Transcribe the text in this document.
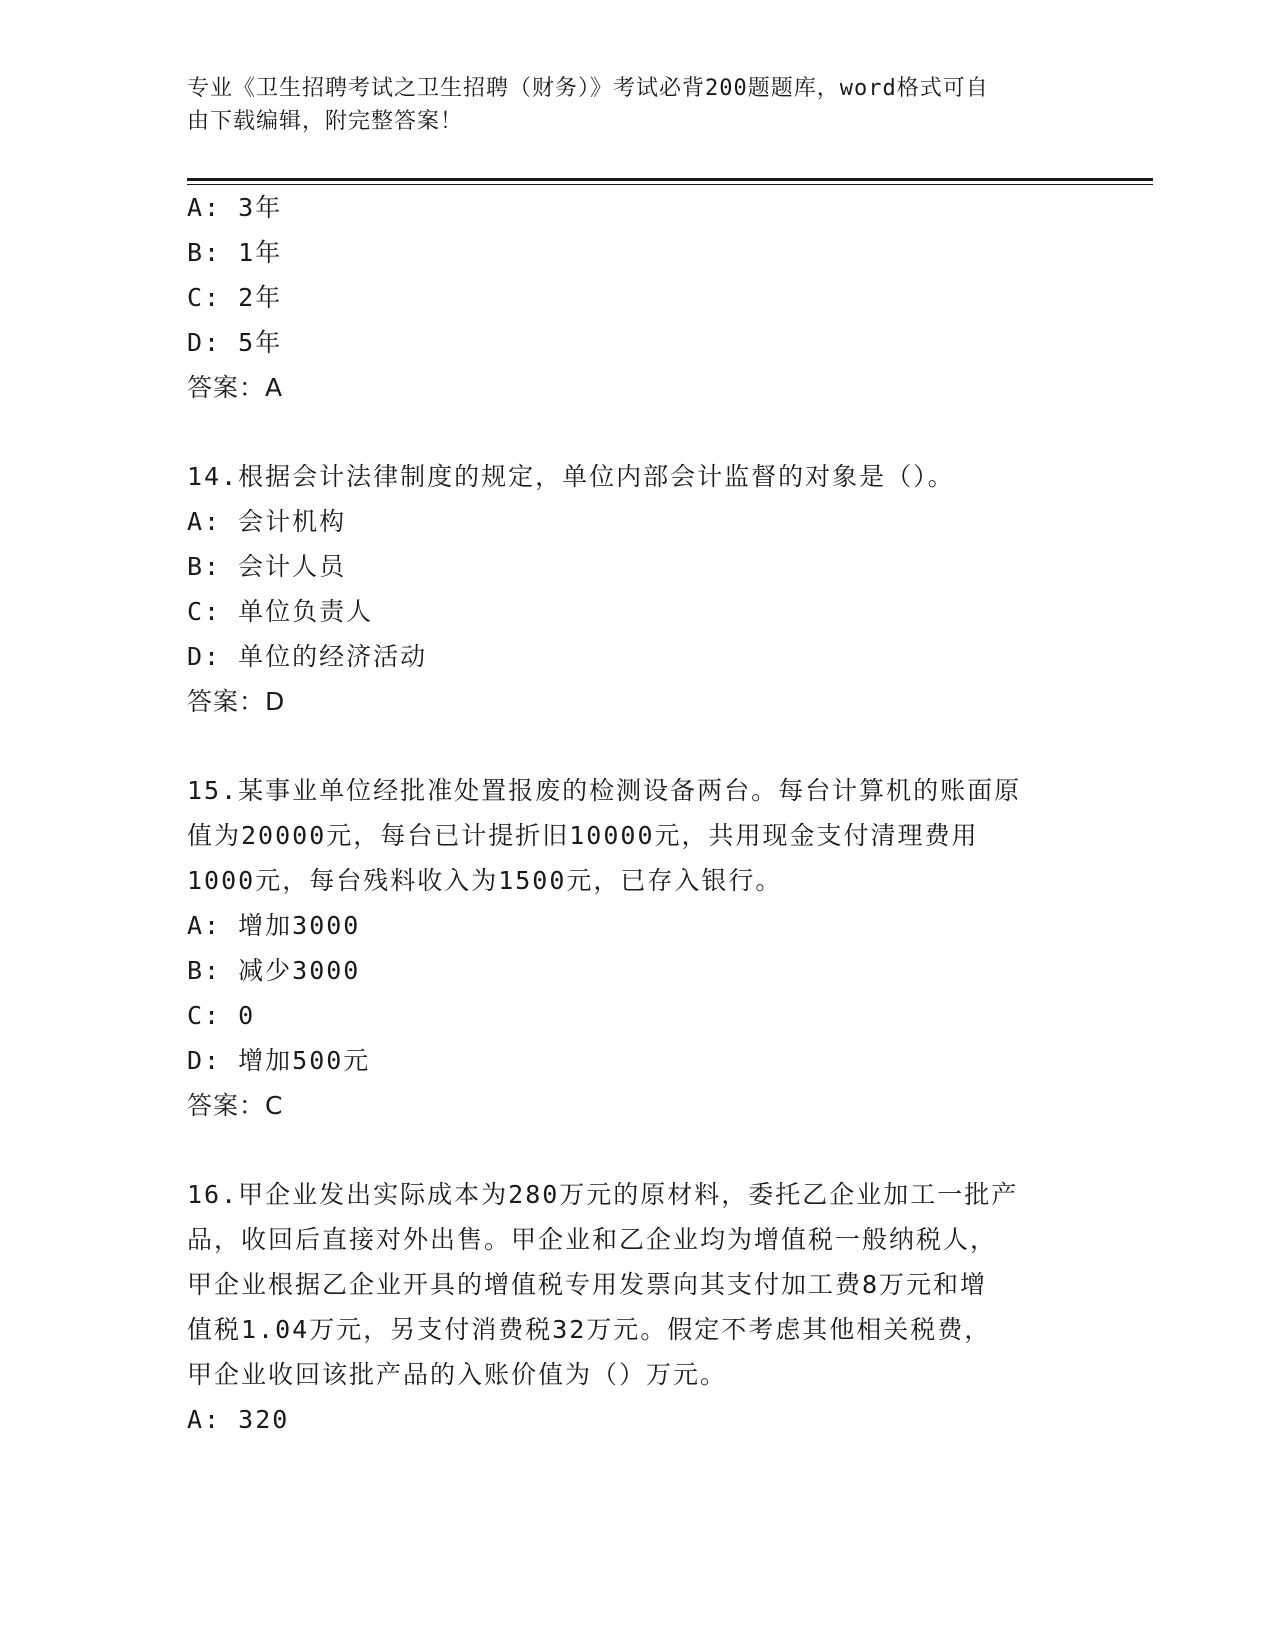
专业《卫生招聘考试之卫生招聘（财务）》考试必背200题题库，word格式可自
由下载编辑，附完整答案！
A: 3年
B: 1年
C: 2年
D: 5年
答案：A
14.根据会计法律制度的规定，单位内部会计监督的对象是（）。
A: 会计机构
B: 会计人员
C: 单位负责人
D: 单位的经济活动
答案：D
15.某事业单位经批准处置报废的检测设备两台。每台计算机的账面原
值为20000元，每台已计提折旧10000元，共用现金支付清理费用
1000元，每台残料收入为1500元，已存入银行。
A: 增加3000
B: 减少3000
C: 0
D: 增加500元
答案：C
16.甲企业发出实际成本为280万元的原材料，委托乙企业加工一批产
品，收回后直接对外出售。甲企业和乙企业均为增值税一般纳税人，
甲企业根据乙企业开具的增值税专用发票向其支付加工费8万元和增
值税1.04万元，另支付消费税32万元。假定不考虑其他相关税费，
甲企业收回该批产品的入账价值为（）万元。
A: 320
